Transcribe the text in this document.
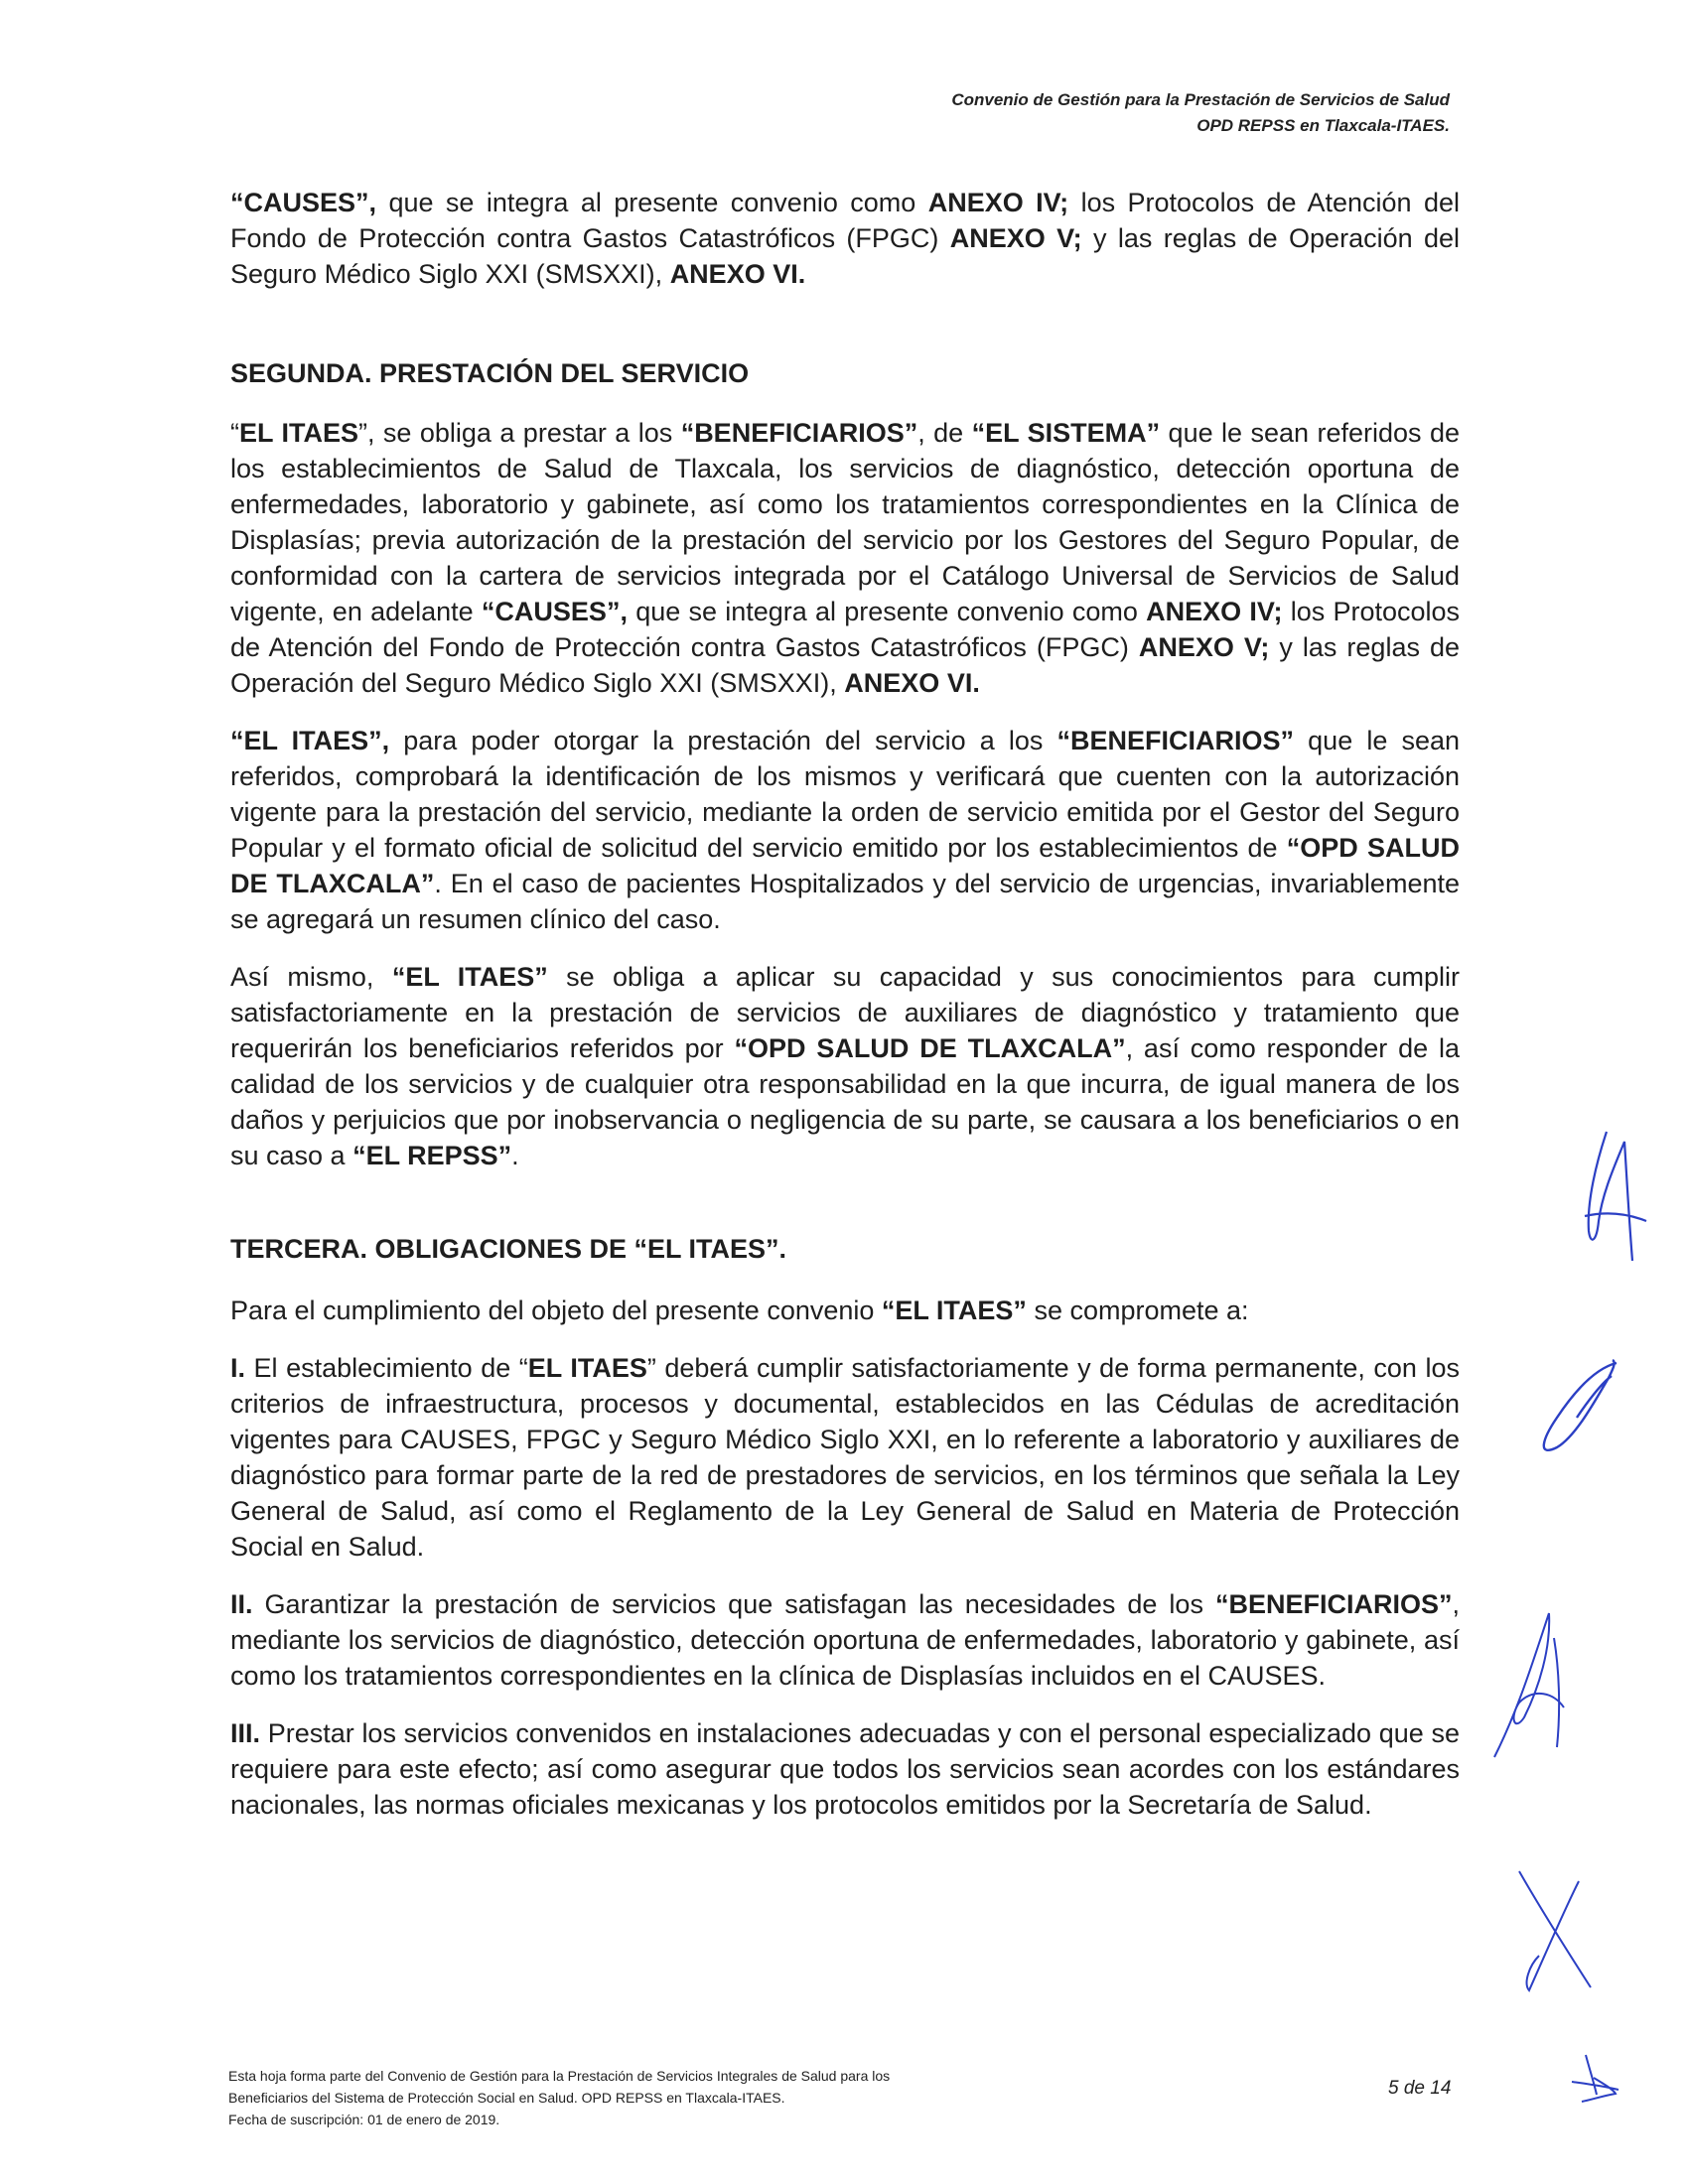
Convenio de Gestión para la Prestación de Servicios de Salud
OPD REPSS en Tlaxcala-ITAES.

“CAUSES”, que se integra al presente convenio como ANEXO IV; los Protocolos de Atención del Fondo de Protección contra Gastos Catastróficos (FPGC) ANEXO V; y las reglas de Operación del Seguro Médico Siglo XXI (SMSXXI), ANEXO VI.

SEGUNDA. PRESTACIÓN DEL SERVICIO

“EL ITAES”, se obliga a prestar a los “BENEFICIARIOS”, de “EL SISTEMA” que le sean referidos de los establecimientos de Salud de Tlaxcala, los servicios de diagnóstico, detección oportuna de enfermedades, laboratorio y gabinete, así como los tratamientos correspondientes en la Clínica de Displasías; previa autorización de la prestación del servicio por los Gestores del Seguro Popular, de conformidad con la cartera de servicios integrada por el Catálogo Universal de Servicios de Salud vigente, en adelante “CAUSES”, que se integra al presente convenio como ANEXO IV; los Protocolos de Atención del Fondo de Protección contra Gastos Catastróficos (FPGC) ANEXO V; y las reglas de Operación del Seguro Médico Siglo XXI (SMSXXI), ANEXO VI.

“EL ITAES”, para poder otorgar la prestación del servicio a los “BENEFICIARIOS” que le sean referidos, comprobará la identificación de los mismos y verificará que cuenten con la autorización vigente para la prestación del servicio, mediante la orden de servicio emitida por el Gestor del Seguro Popular y el formato oficial de solicitud del servicio emitido por los establecimientos de “OPD SALUD DE TLAXCALA”. En el caso de pacientes Hospitalizados y del servicio de urgencias, invariablemente se agregará un resumen clínico del caso.

Así mismo, “EL ITAES” se obliga a aplicar su capacidad y sus conocimientos para cumplir satisfactoriamente en la prestación de servicios de auxiliares de diagnóstico y tratamiento que requerirán los beneficiarios referidos por “OPD SALUD DE TLAXCALA”, así como responder de la calidad de los servicios y de cualquier otra responsabilidad en la que incurra, de igual manera de los daños y perjuicios que por inobservancia o negligencia de su parte, se causara a los beneficiarios o en su caso a “EL REPSS”.

TERCERA. OBLIGACIONES DE “EL ITAES”.

Para el cumplimiento del objeto del presente convenio “EL ITAES” se compromete a:

I. El establecimiento de “EL ITAES” deberá cumplir satisfactoriamente y de forma permanente, con los criterios de infraestructura, procesos y documental, establecidos en las Cédulas de acreditación vigentes para CAUSES, FPGC y Seguro Médico Siglo XXI, en lo referente a laboratorio y auxiliares de diagnóstico para formar parte de la red de prestadores de servicios, en los términos que señala la Ley General de Salud, así como el Reglamento de la Ley General de Salud en Materia de Protección Social en Salud.

II. Garantizar la prestación de servicios que satisfagan las necesidades de los “BENEFICIARIOS”, mediante los servicios de diagnóstico, detección oportuna de enfermedades, laboratorio y gabinete, así como los tratamientos correspondientes en la clínica de Displasías incluidos en el CAUSES.

III. Prestar los servicios convenidos en instalaciones adecuadas y con el personal especializado que se requiere para este efecto; así como asegurar que todos los servicios sean acordes con los estándares nacionales, las normas oficiales mexicanas y los protocolos emitidos por la Secretaría de Salud.

Esta hoja forma parte del Convenio de Gestión para la Prestación de Servicios Integrales de Salud para los
Beneficiarios del Sistema de Protección Social en Salud. OPD REPSS en Tlaxcala-ITAES.
Fecha de suscripción: 01 de enero de 2019.
5 de 14
